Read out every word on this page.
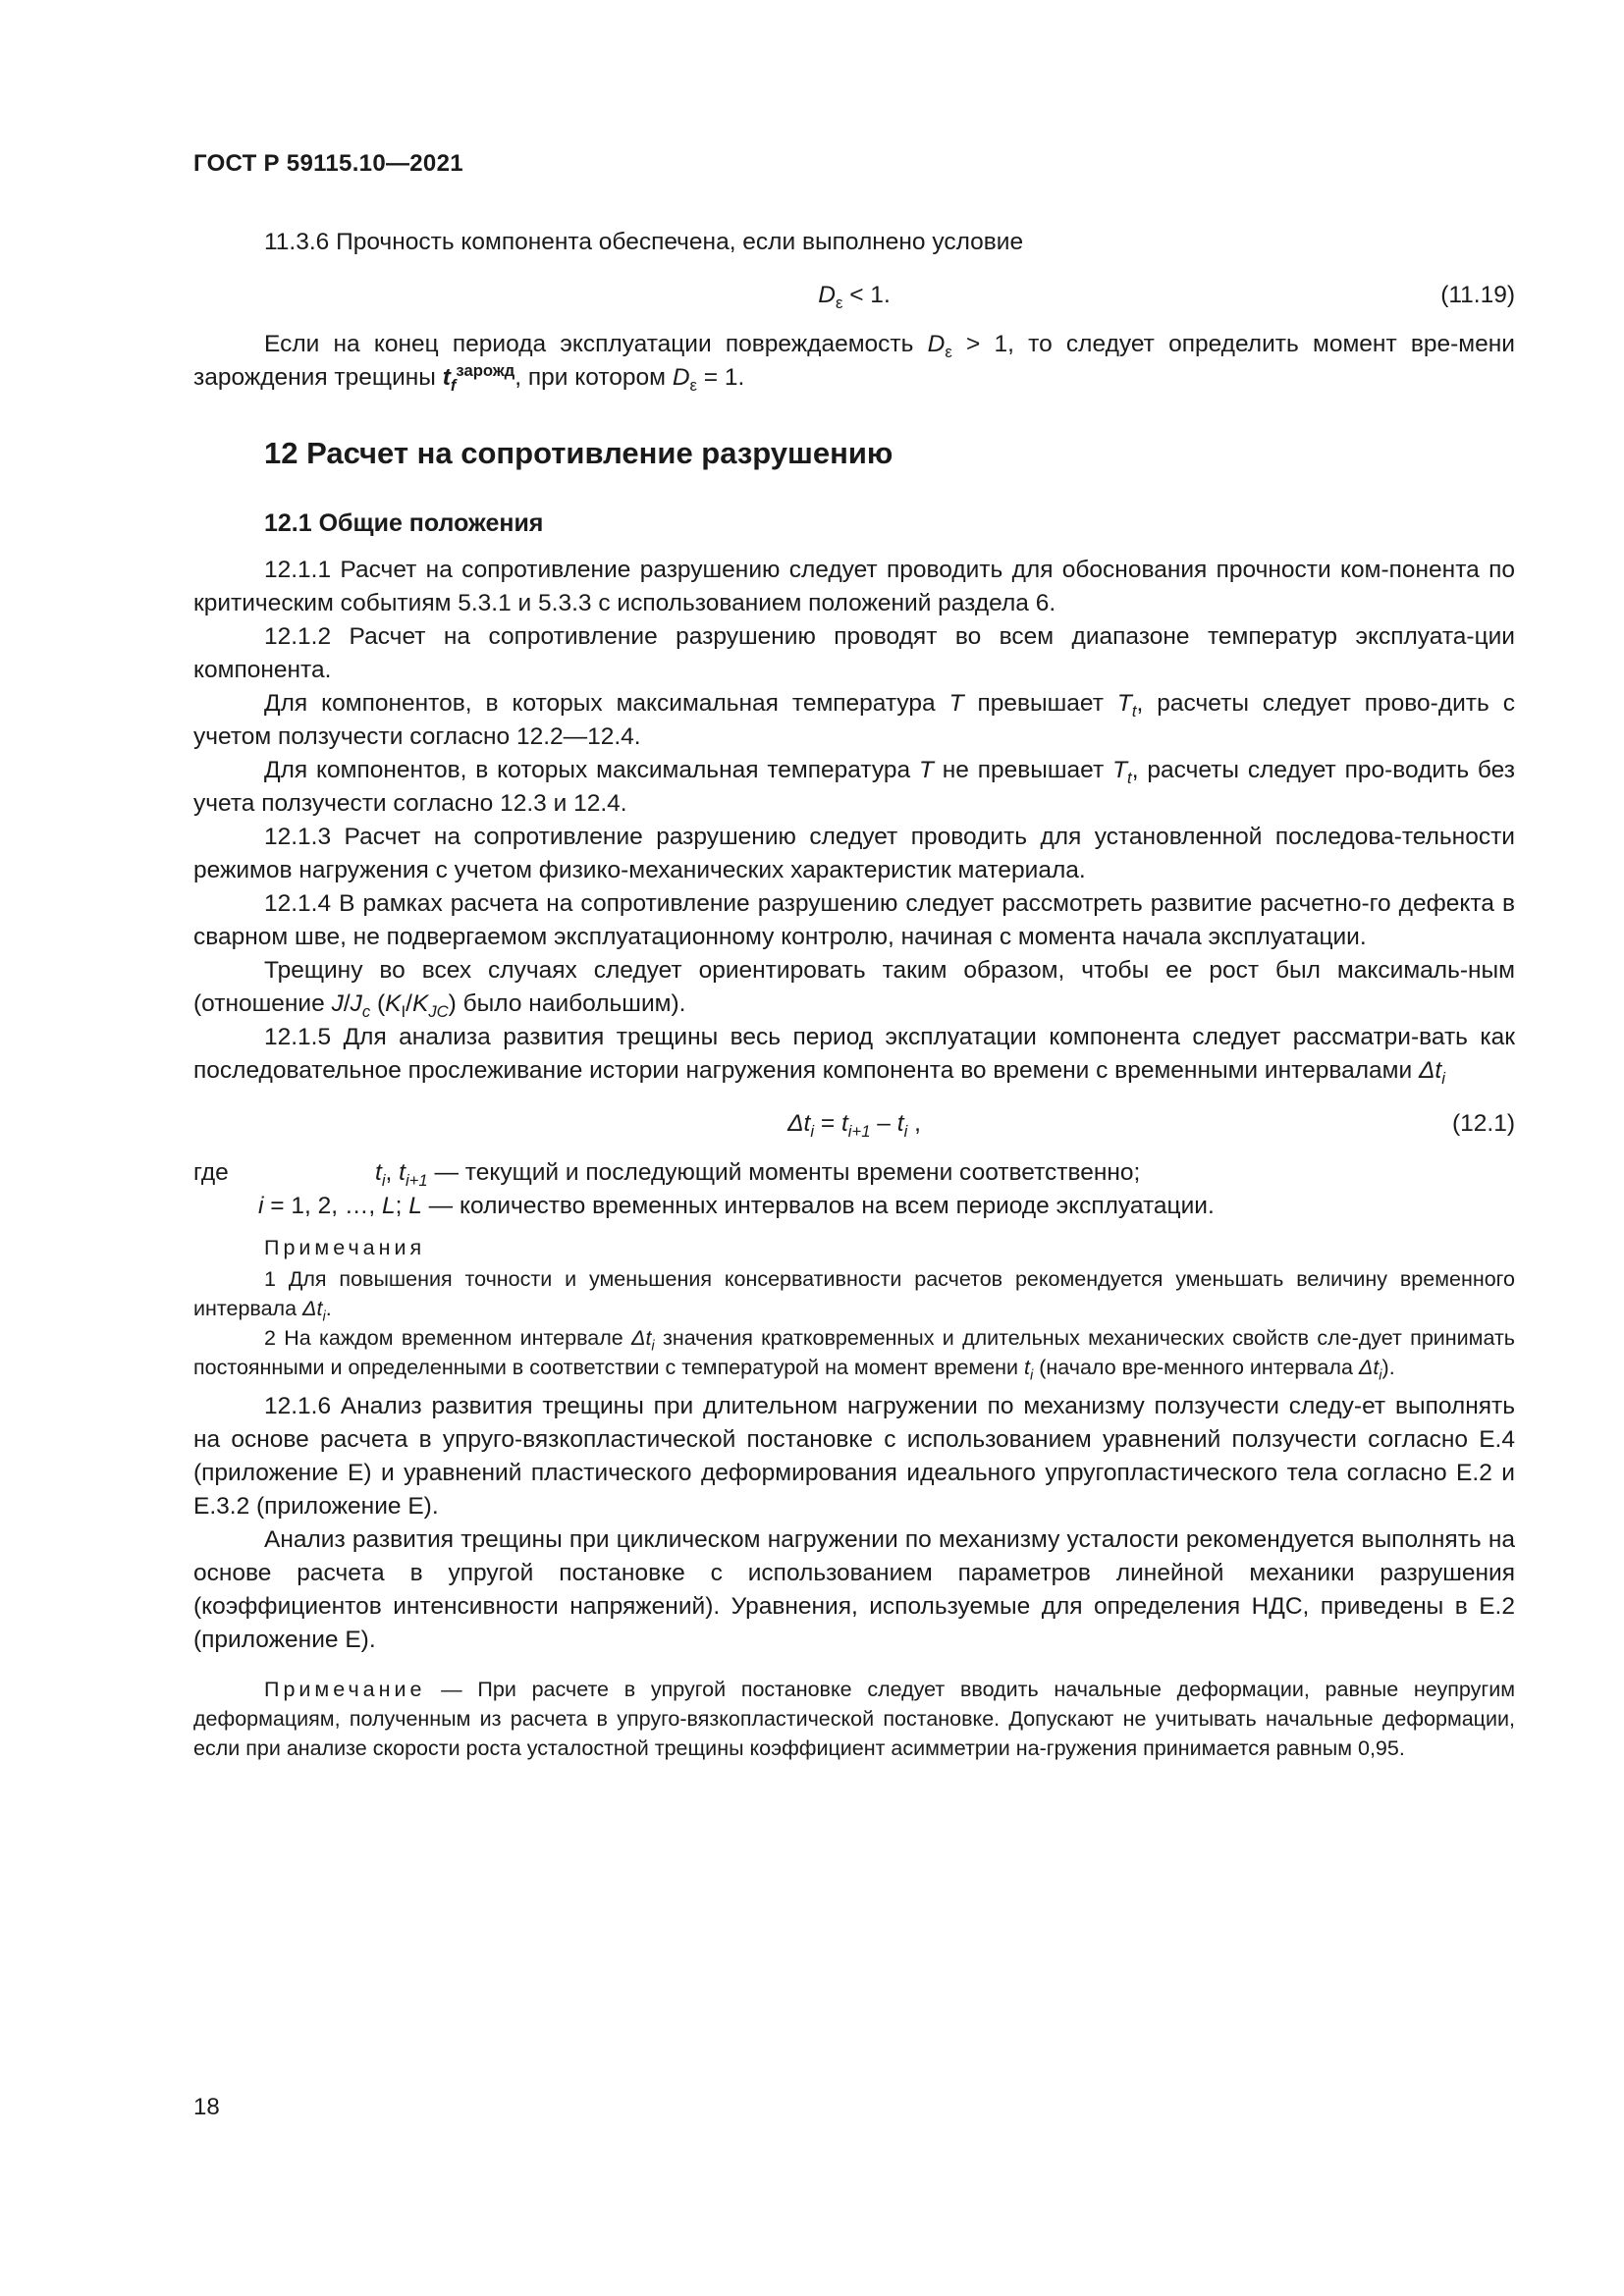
ГОСТ Р 59115.10—2021

11.3.6 Прочность компонента обеспечена, если выполнено условие

$D_\varepsilon < 1$.	(11.19)

Если на конец периода эксплуатации повреждаемость $D_\varepsilon > 1$, то следует определить момент вре-мени зарождения трещины $t_f^{зарожд}$, при котором $D_\varepsilon = 1$.

12 Расчет на сопротивление разрушению
12.1 Общие положения

12.1.1 Расчет на сопротивление разрушению следует проводить для обоснования прочности ком-понента по критическим событиям 5.3.1 и 5.3.3 с использованием положений раздела 6.

12.1.2 Расчет на сопротивление разрушению проводят во всем диапазоне температур эксплуата-ции компонента.

Для компонентов, в которых максимальная температура T превышает $T_t$, расчеты следует прово-дить с учетом ползучести согласно 12.2—12.4.

Для компонентов, в которых максимальная температура T не превышает $T_t$, расчеты следует про-водить без учета ползучести согласно 12.3 и 12.4.

12.1.3 Расчет на сопротивление разрушению следует проводить для установленной последова-тельности режимов нагружения с учетом физико-механических характеристик материала.

12.1.4 В рамках расчета на сопротивление разрушению следует рассмотреть развитие расчетно-го дефекта в сварном шве, не подвергаемом эксплуатационному контролю, начиная с момента начала эксплуатации.

Трещину во всех случаях следует ориентировать таким образом, чтобы ее рост был максималь-ным (отношение $J/J_c$ $(K_I/K_{JC})$ было наибольшим).

12.1.5 Для анализа развития трещины весь период эксплуатации компонента следует рассматри-вать как последовательное прослеживание истории нагружения компонента во времени с временными интервалами $\Delta t_i$

$\Delta t_i = t_{i+1} - t_i$ ,	(12.1)
где	$t_i$, $t_{i+1}$ — текущий и последующий моменты времени соответственно;
i = 1, 2, …, L; L — количество временных интервалов на всем периоде эксплуатации.

Примечания

1 Для повышения точности и уменьшения консервативности расчетов рекомендуется уменьшать величину временного интервала $\Delta t_i$.

2 На каждом временном интервале $\Delta t_i$ значения кратковременных и длительных механических свойств сле-дует принимать постоянными и определенными в соответствии с температурой на момент времени $t_i$ (начало вре-менного интервала $\Delta t_i$).

12.1.6 Анализ развития трещины при длительном нагружении по механизму ползучести следу-ет выполнять на основе расчета в упруго-вязкопластической постановке с использованием уравнений ползучести согласно Е.4 (приложение Е) и уравнений пластического деформирования идеального упругопластического тела согласно Е.2 и Е.3.2 (приложение Е).

Анализ развития трещины при циклическом нагружении по механизму усталости рекомендуется выполнять на основе расчета в упругой постановке с использованием параметров линейной механики разрушения (коэффициентов интенсивности напряжений). Уравнения, используемые для определения НДС, приведены в Е.2 (приложение Е).

Примечание — При расчете в упругой постановке следует вводить начальные деформации, равные неупругим деформациям, полученным из расчета в упруго-вязкопластической постановке. Допускают не учитывать начальные деформации, если при анализе скорости роста усталостной трещины коэффициент асимметрии на-гружения принимается равным 0,95.

18
